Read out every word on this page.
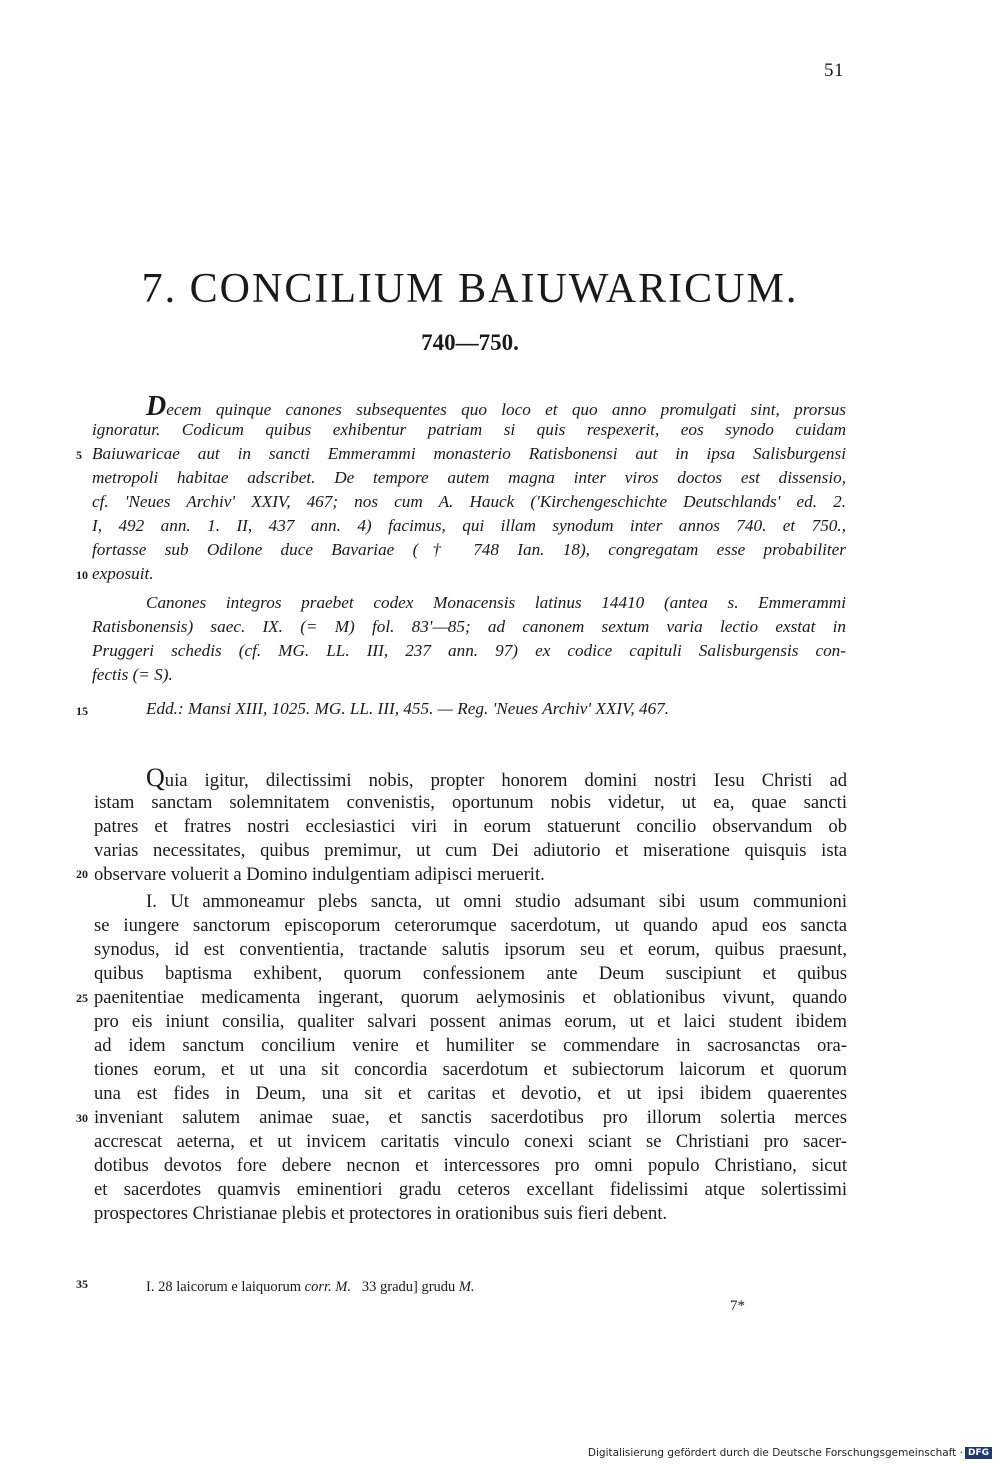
51
7. CONCILIUM BAIUWARICUM.
740—750.
Decem quinque canones subsequentes quo loco et quo anno promulgati sint, prorsus
ignoratur. Codicum quibus exhibentur patriam si quis respexerit, eos synodo cuidam
Baiuwaricae aut in sancti Emmerammi monasterio Ratisbonensi aut in ipsa Salisburgensi
metropoli habitae adscribet. De tempore autem magna inter viros doctos est dissensio,
cf. 'Neues Archiv' XXIV, 467; nos cum A. Hauck ('Kirchengeschichte Deutschlands' ed. 2.
I, 492 ann. 1. II, 437 ann. 4) facimus, qui illam synodum inter annos 740. et 750.,
fortasse sub Odilone duce Bavariae († 748 Ian. 18), congregatam esse probabiliter
exposuit.
Canones integros praebet codex Monacensis latinus 14410 (antea s. Emmerammi
Ratisbonensis) saec. IX. (= M) fol. 83'—85; ad canonem sextum varia lectio exstat in
Pruggeri schedis (cf. MG. LL. III, 237 ann. 97) ex codice capituli Salisburgensis con-
fectis (= S).
Edd.: Mansi XIII, 1025. MG. LL. III, 455. — Reg. 'Neues Archiv' XXIV, 467.
Quia igitur, dilectissimi nobis, propter honorem domini nostri Iesu Christi ad
istam sanctam solemnitatem convenistis, oportunum nobis videtur, ut ea, quae sancti
patres et fratres nostri ecclesiastici viri in eorum statuerunt concilio observandum ob
varias necessitates, quibus premimur, ut cum Dei adiutorio et miseratione quisquis ista
observare voluerit a Domino indulgentiam adipisci meruerit.
I. Ut ammoneamur plebs sancta, ut omni studio adsumant sibi usum communioni
se iungere sanctorum episcoporum ceterorumque sacerdotum, ut quando apud eos sancta
synodus, id est conventientia, tractande salutis ipsorum seu et eorum, quibus praesunt,
quibus baptisma exhibent, quorum confessionem ante Deum suscipiunt et quibus
paenitentiae medicamenta ingerant, quorum aelymosinis et oblationibus vivunt, quando
pro eis iniunt consilia, qualiter salvari possent animas eorum, ut et laici student ibidem
ad idem sanctum concilium venire et humiliter se commendare in sacrosanctas ora-
tiones eorum, et ut una sit concordia sacerdotum et subiectorum laicorum et quorum
una est fides in Deum, una sit et caritas et devotio, et ut ipsi ibidem quaerentes
inveniant salutem animae suae, et sanctis sacerdotibus pro illorum solertia merces
accrescat aeterna, et ut invicem caritatis vinculo conexi sciant se Christiani pro sacer-
dotibus devotos fore debere necnon et intercessores pro omni populo Christiano, sicut
et sacerdotes quamvis eminentiori gradu ceteros excellant fidelissimi atque solertissimi
prospectores Christianae plebis et protectores in orationibus suis fieri debent.
5
10
15
20
25
30
35	I. 28 laicorum e laiquorum corr. M.   33 gradu] grudu M.
7*
Digitalisierung gefördert durch die Deutsche Forschungsgemeinschaft · DFG
